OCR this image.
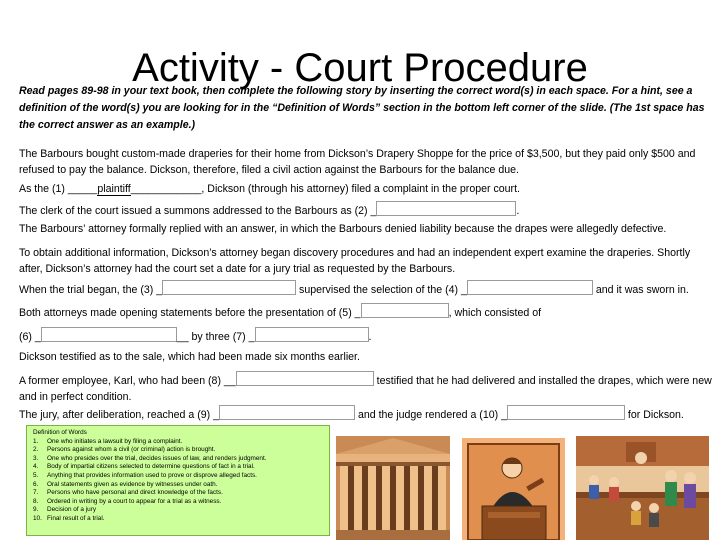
Activity - Court Procedure
Read pages 89-98 in your text book, then complete the following story by inserting the correct word(s) in each space. For a hint, see a definition of the word(s) you are looking for in the “Definition of Words” section in the bottom left corner of the slide. (The 1st space has the correct answer as an example.)
The Barbours bought custom-made draperies for their home from Dickson’s Drapery Shoppe for the price of $3,500, but they paid only $500 and refused to pay the balance. Dickson, therefore, filed a civil action against the Barbours for the balance due.
As the (1) _____plaintiff____________, Dickson (through his attorney) filed a complaint in the proper court.
The clerk of the court issued a summons addressed to the Barbours as (2) _	.
The Barbours’ attorney formally replied with an answer, in which the Barbours denied liability because the drapes were allegedly defective.
To obtain additional information, Dickson’s attorney began discovery procedures and had an independent expert examine the draperies. Shortly after, Dickson’s attorney had the court set a date for a jury trial as requested by the Barbours.
When the trial began, the (3) _	supervised the selection of the (4) _	and it was sworn in.
Both attorneys made opening statements before the presentation of (5) _	, which consisted of
(6) _	__ by three (7) _	.
Dickson testified as to the sale, which had been made six months earlier.
A former employee, Karl, who had been (8) __	testified that he had delivered and installed the drapes, which were new and in perfect condition.
The jury, after deliberation, reached a (9) _	and the judge rendered a (10) _	for Dickson.
Definition of Words
1.	One who initiates a lawsuit by filing a complaint.
2.	Persons against whom a civil (or criminal) action is brought.
3.	One who presides over the trial, decides issues of law, and renders judgment.
4.	Body of impartial citizens selected to determine questions of fact in a trial.
5.	Anything that provides information used to prove or disprove alleged facts.
6.	Oral statements given as evidence by witnesses under oath.
7.	Persons who have personal and direct knowledge of the facts.
8.	Ordered in writing by a court to appear for a trial as a witness.
9.	Decision of a jury
10. Final result of a trial.
